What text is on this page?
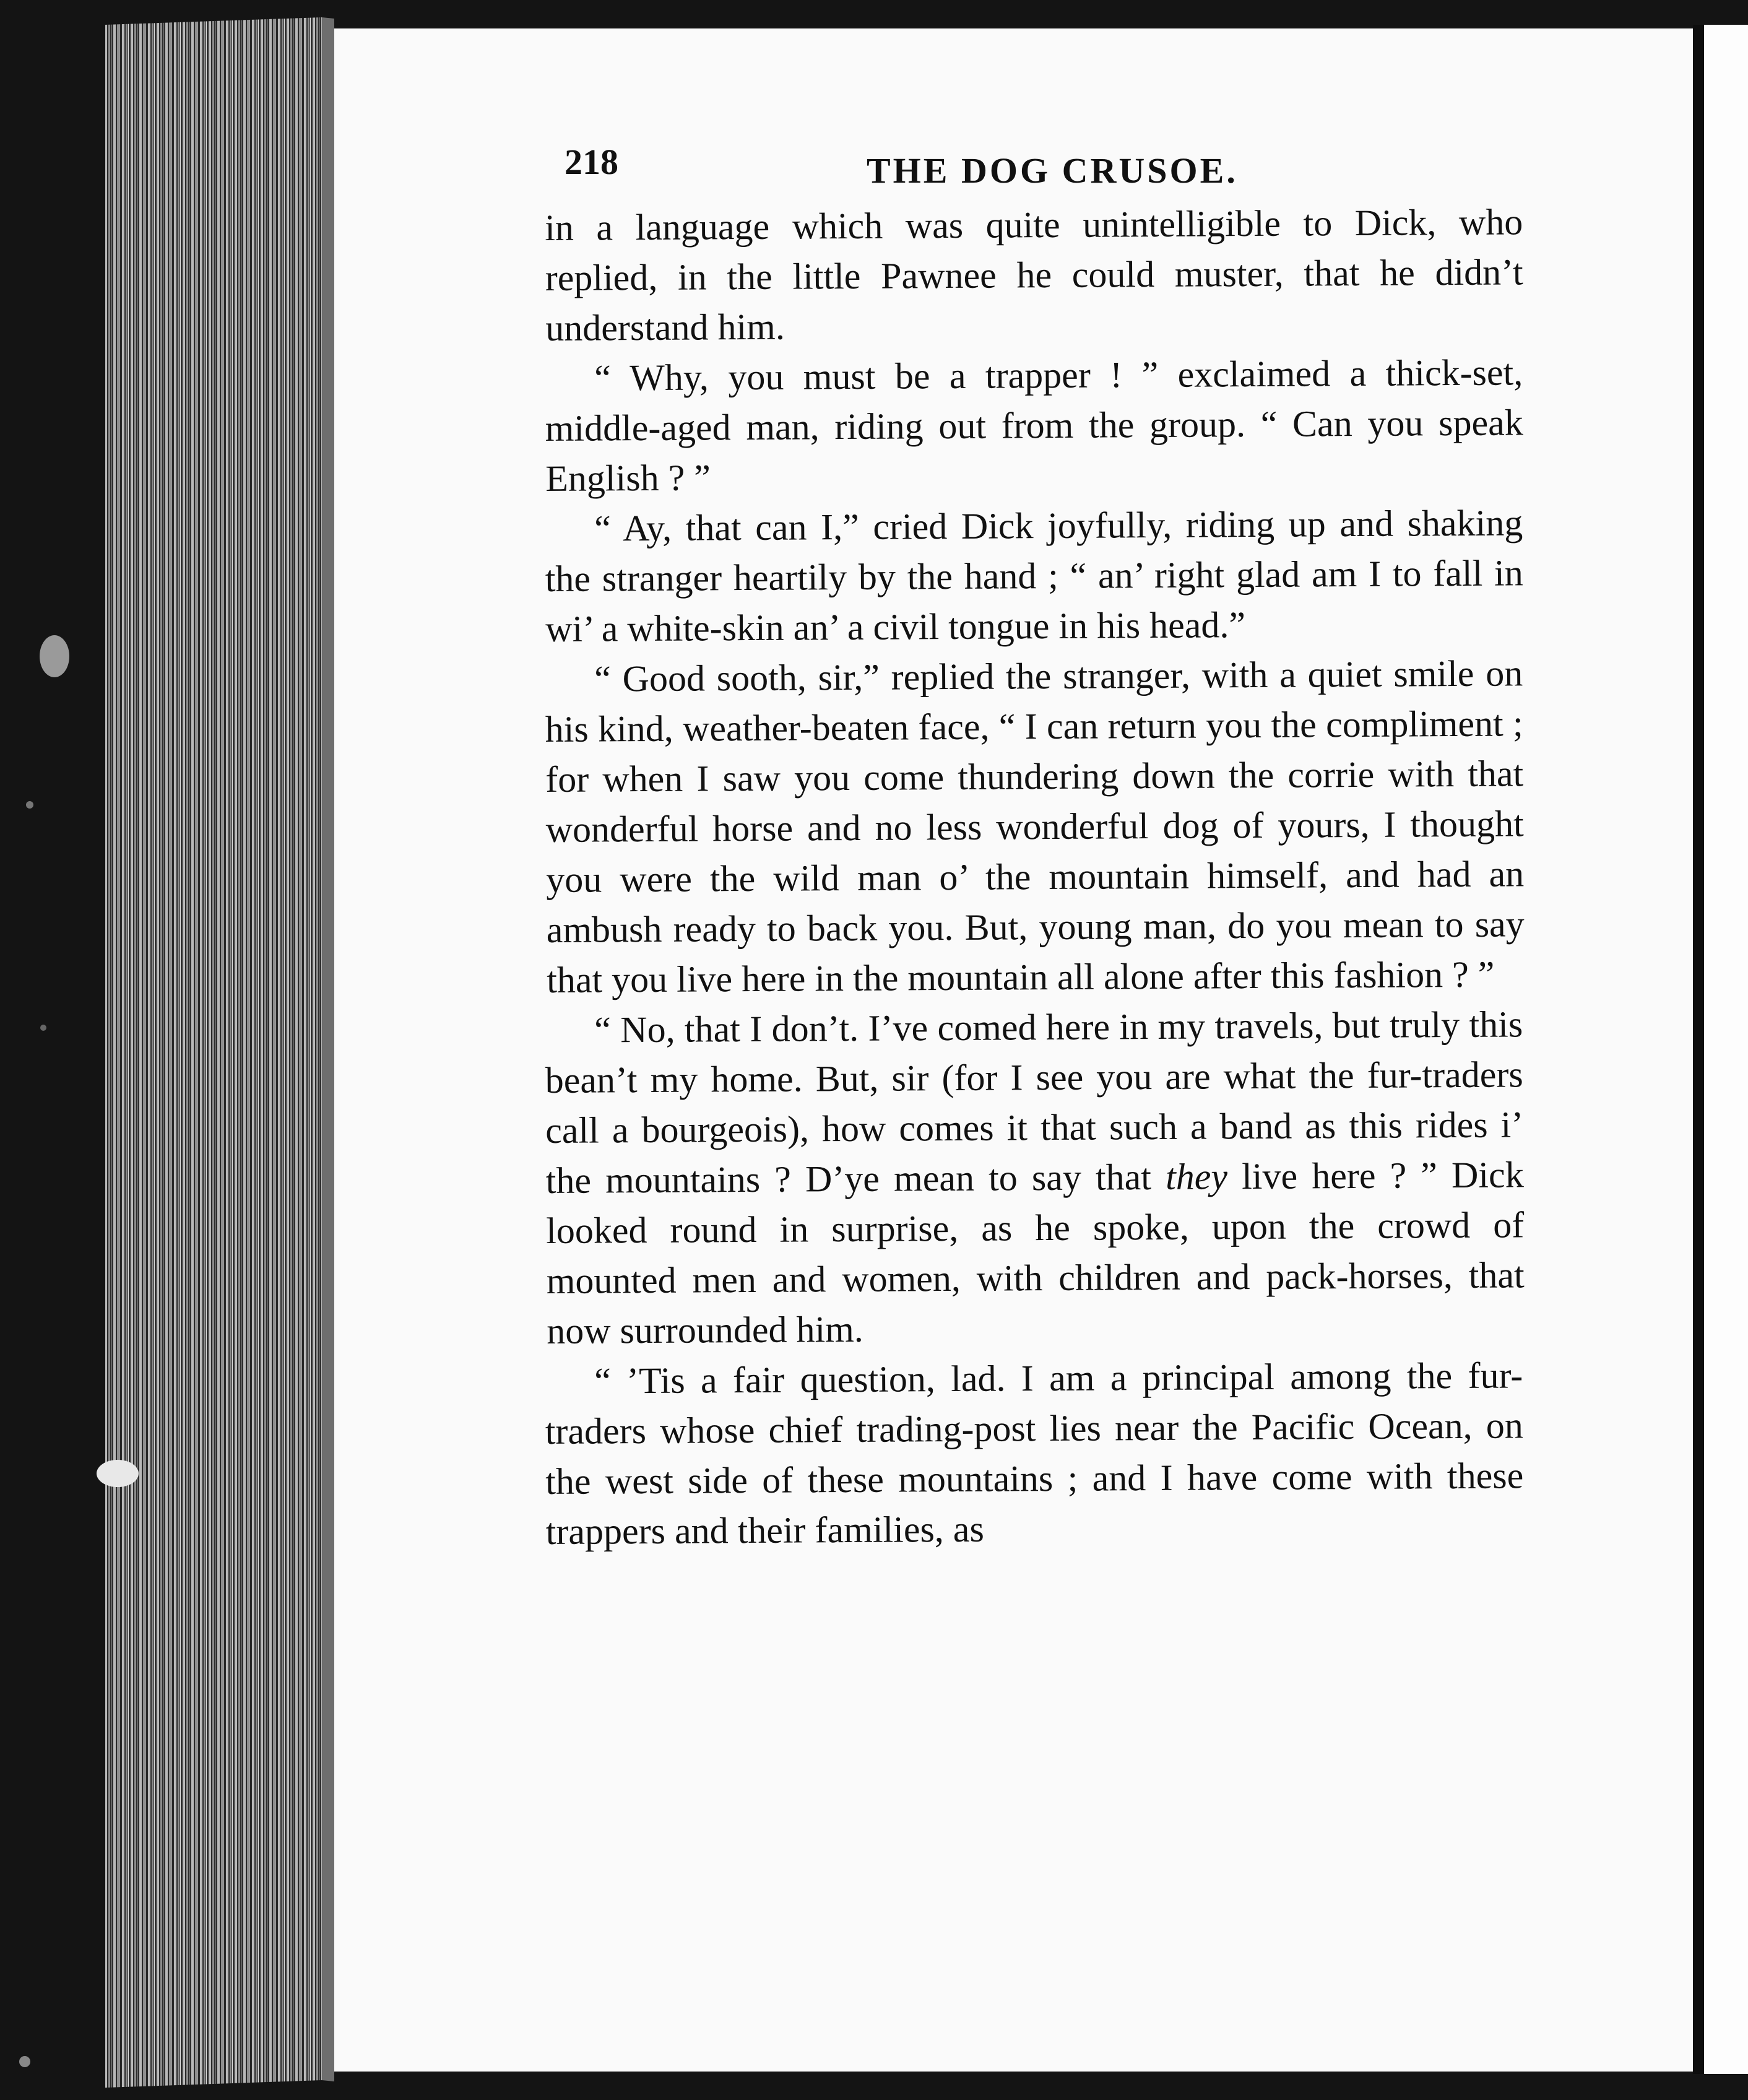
218	THE DOG CRUSOE.

in a language which was quite unintelligible to Dick, who replied, in the little Pawnee he could muster, that he didn’t understand him.

“ Why, you must be a trapper ! ” exclaimed a thick-set, middle-aged man, riding out from the group. “ Can you speak English ? ”

“ Ay, that can I,” cried Dick joyfully, riding up and shaking the stranger heartily by the hand ; “ an’ right glad am I to fall in wi’ a white-skin an’ a civil tongue in his head.”

“ Good sooth, sir,” replied the stranger, with a quiet smile on his kind, weather-beaten face, “ I can return you the compliment ; for when I saw you come thundering down the corrie with that wonderful horse and no less wonderful dog of yours, I thought you were the wild man o’ the mountain himself, and had an ambush ready to back you. But, young man, do you mean to say that you live here in the mountain all alone after this fashion ? ”

“ No, that I don’t. I’ve comed here in my travels, but truly this bean’t my home. But, sir (for I see you are what the fur-traders call a bourgeois), how comes it that such a band as this rides i’ the mountains ? D’ye mean to say that they live here ? ” Dick looked round in surprise, as he spoke, upon the crowd of mounted men and women, with children and pack-horses, that now surrounded him.

“ ’Tis a fair question, lad. I am a principal among the fur-traders whose chief trading-post lies near the Pacific Ocean, on the west side of these mountains ; and I have come with these trappers and their families, as
